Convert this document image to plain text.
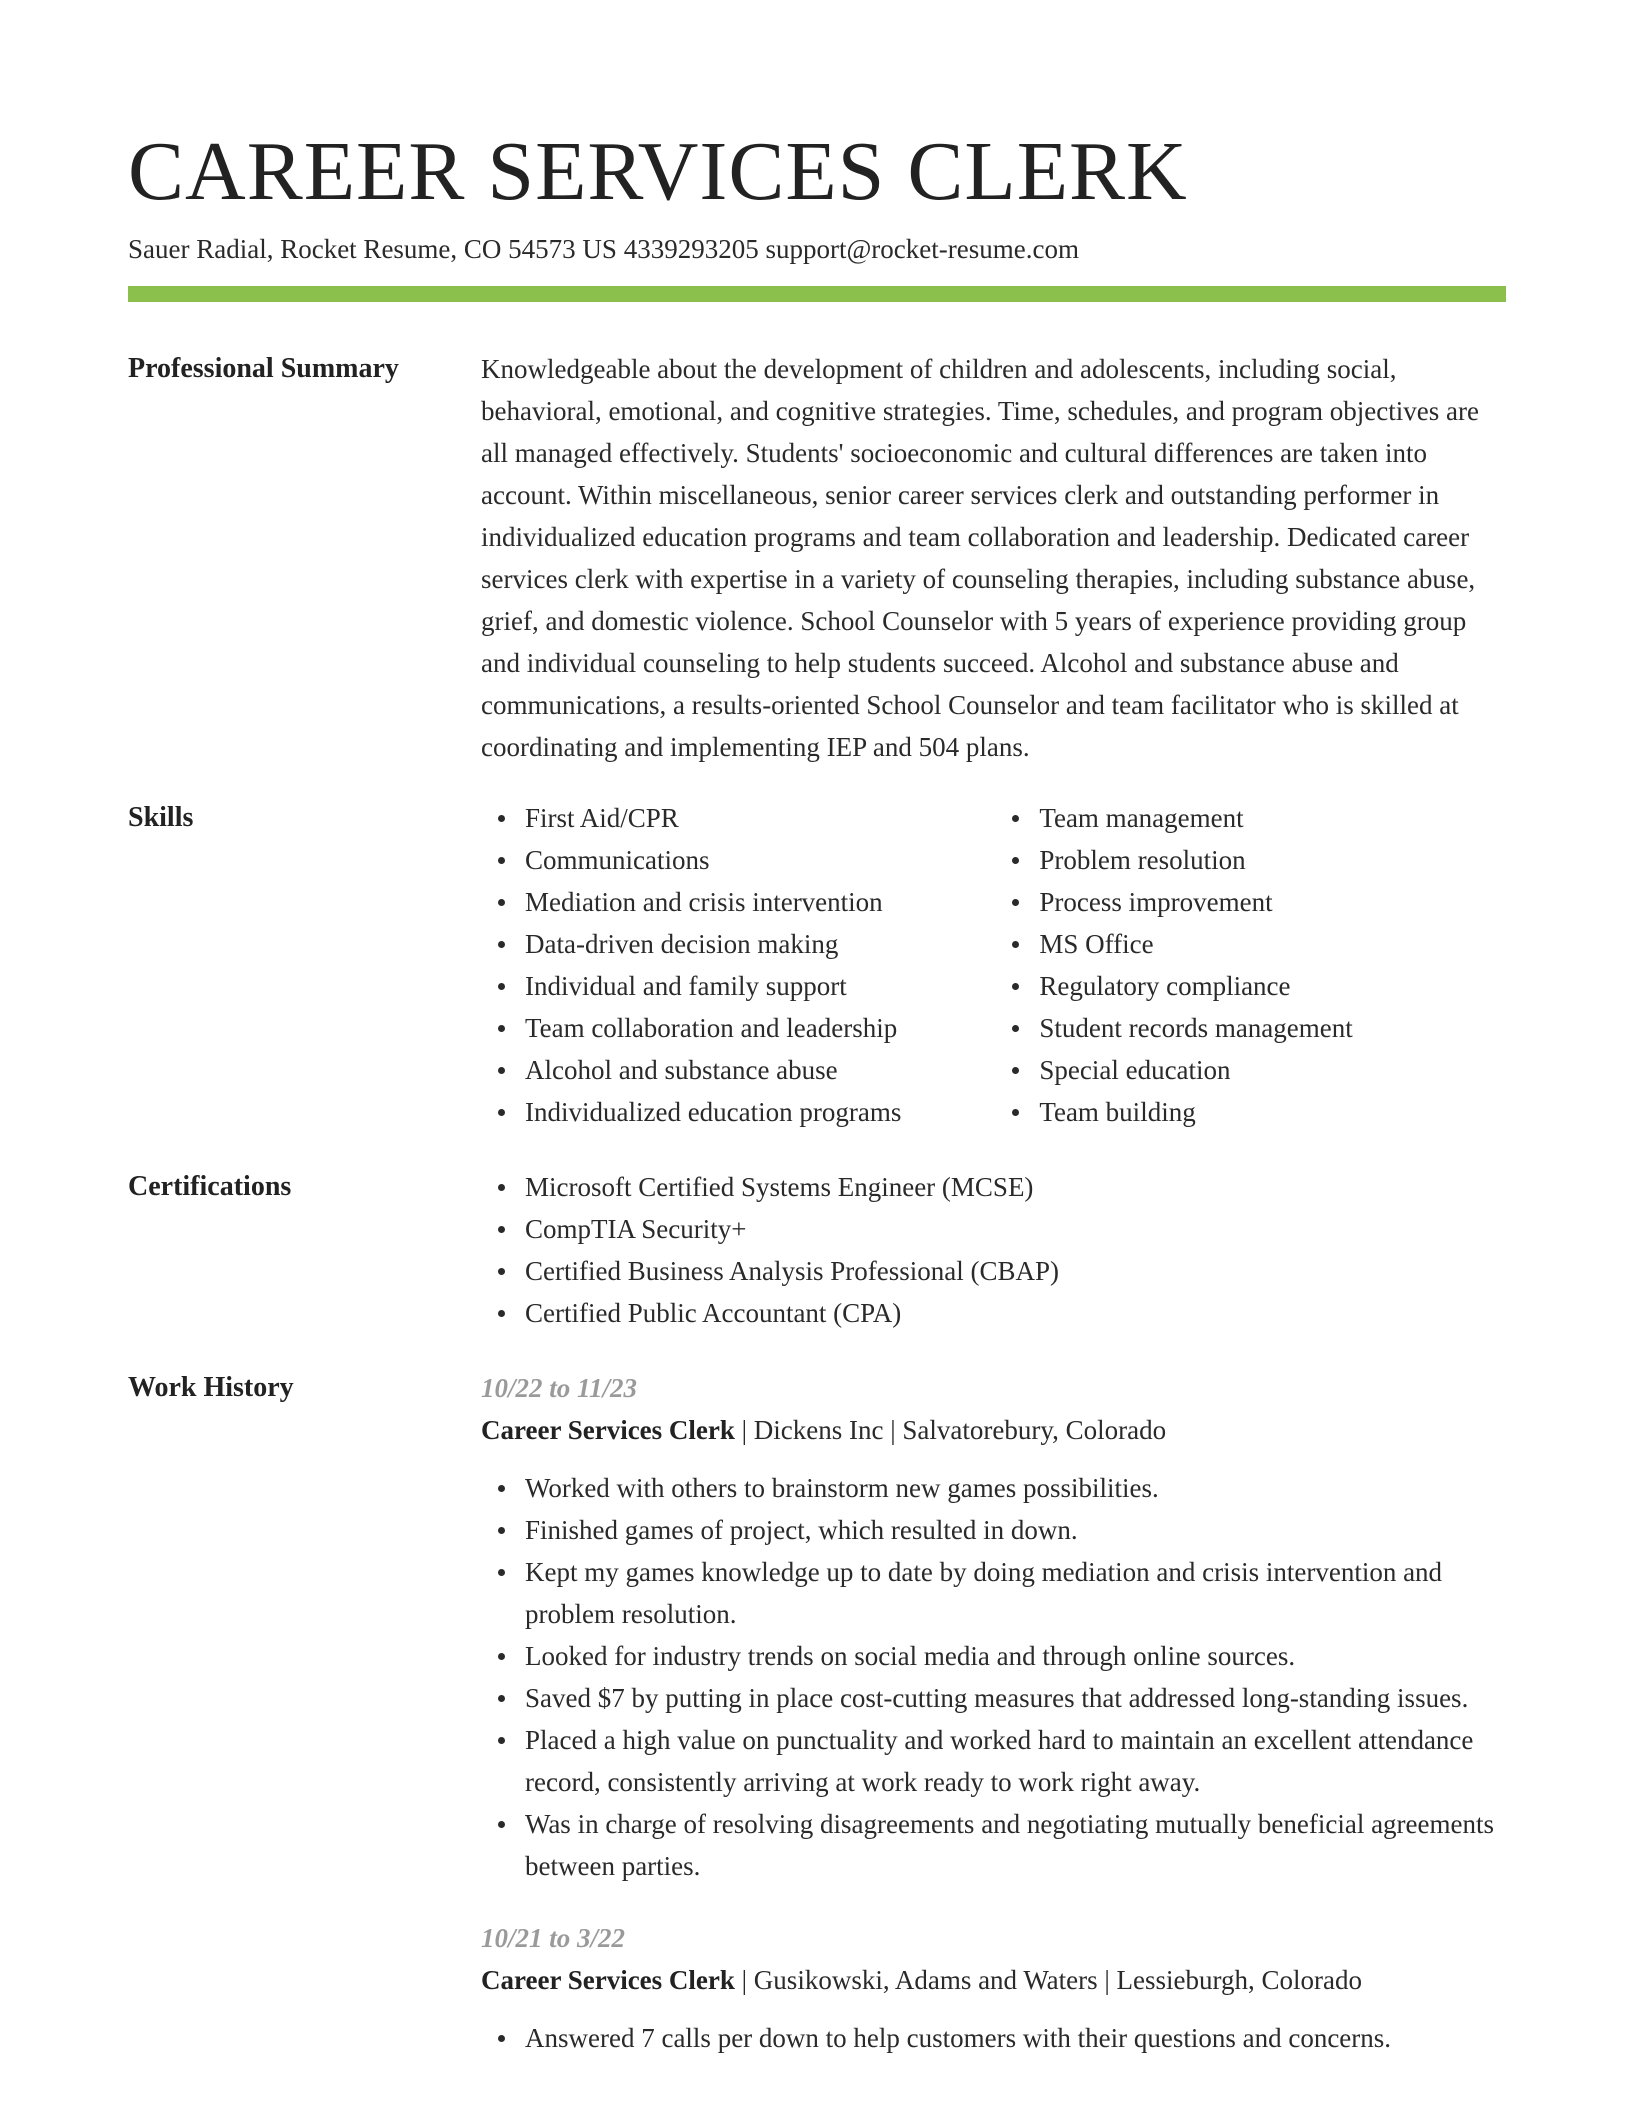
CAREER SERVICES CLERK
Sauer Radial, Rocket Resume, CO 54573 US 4339293205 support@rocket-resume.com
Professional Summary	Knowledgeable about the development of children and adolescents, including social, behavioral, emotional, and cognitive strategies. Time, schedules, and program objectives are all managed effectively. Students' socioeconomic and cultural differences are taken into account. Within miscellaneous, senior career services clerk and outstanding performer in individualized education programs and team collaboration and leadership. Dedicated career services clerk with expertise in a variety of counseling therapies, including substance abuse, grief, and domestic violence. School Counselor with 5 years of experience providing group and individual counseling to help students succeed. Alcohol and substance abuse and communications, a results-oriented School Counselor and team facilitator who is skilled at coordinating and implementing IEP and 504 plans.

Skills	First Aid/CPR
Communications
Mediation and crisis intervention
Data-driven decision making
Individual and family support
Team collaboration and leadership
Alcohol and substance abuse
Individualized education programs
Team management
Problem resolution
Process improvement
MS Office
Regulatory compliance
Student records management
Special education
Team building
Certifications	Microsoft Certified Systems Engineer (MCSE)
CompTIA Security+
Certified Business Analysis Professional (CBAP)
Certified Public Accountant (CPA)
Work History	10/22 to 11/23
Career Services Clerk | Dickens Inc | Salvatorebury, Colorado
Worked with others to brainstorm new games possibilities.
Finished games of project, which resulted in down.
Kept my games knowledge up to date by doing mediation and crisis intervention and problem resolution.
Looked for industry trends on social media and through online sources.
Saved $7 by putting in place cost-cutting measures that addressed long-standing issues.
Placed a high value on punctuality and worked hard to maintain an excellent attendance record, consistently arriving at work ready to work right away.
Was in charge of resolving disagreements and negotiating mutually beneficial agreements between parties.
10/21 to 3/22
Career Services Clerk | Gusikowski, Adams and Waters | Lessieburgh, Colorado
Answered 7 calls per down to help customers with their questions and concerns.
